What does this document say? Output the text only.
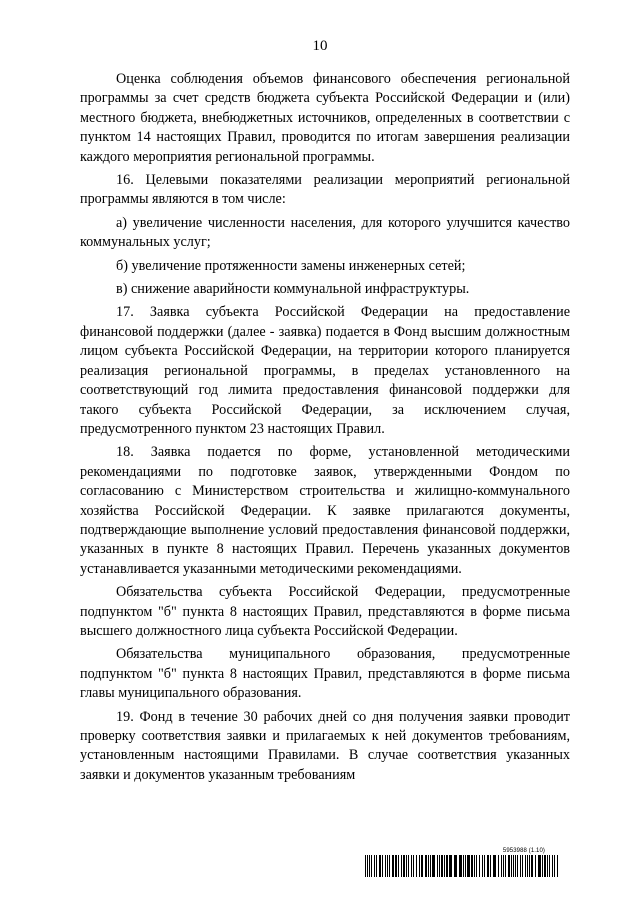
10

Оценка соблюдения объемов финансового обеспечения региональной программы за счет средств бюджета субъекта Российской Федерации и (или) местного бюджета, внебюджетных источников, определенных в соответствии с пунктом 14 настоящих Правил, проводится по итогам завершения реализации каждого мероприятия региональной программы.

16. Целевыми показателями реализации мероприятий региональной программы являются в том числе:

а) увеличение численности населения, для которого улучшится качество коммунальных услуг;

б) увеличение протяженности замены инженерных сетей;

в) снижение аварийности коммунальной инфраструктуры.

17. Заявка субъекта Российской Федерации на предоставление финансовой поддержки (далее - заявка) подается в Фонд высшим должностным лицом субъекта Российской Федерации, на территории которого планируется реализация региональной программы, в пределах установленного на соответствующий год лимита предоставления финансовой поддержки для такого субъекта Российской Федерации, за исключением случая, предусмотренного пунктом 23 настоящих Правил.

18. Заявка подается по форме, установленной методическими рекомендациями по подготовке заявок, утвержденными Фондом по согласованию с Министерством строительства и жилищно-коммунального хозяйства Российской Федерации. К заявке прилагаются документы, подтверждающие выполнение условий предоставления финансовой поддержки, указанных в пункте 8 настоящих Правил. Перечень указанных документов устанавливается указанными методическими рекомендациями.

Обязательства субъекта Российской Федерации, предусмотренные подпунктом "б" пункта 8 настоящих Правил, представляются в форме письма высшего должностного лица субъекта Российской Федерации.

Обязательства муниципального образования, предусмотренные подпунктом "б" пункта 8 настоящих Правил, представляются в форме письма главы муниципального образования.

19. Фонд в течение 30 рабочих дней со дня получения заявки проводит проверку соответствия заявки и прилагаемых к ней документов требованиям, установленным настоящими Правилами. В случае соответствия указанных заявки и документов указанным требованиям

5953988 (1.10)
